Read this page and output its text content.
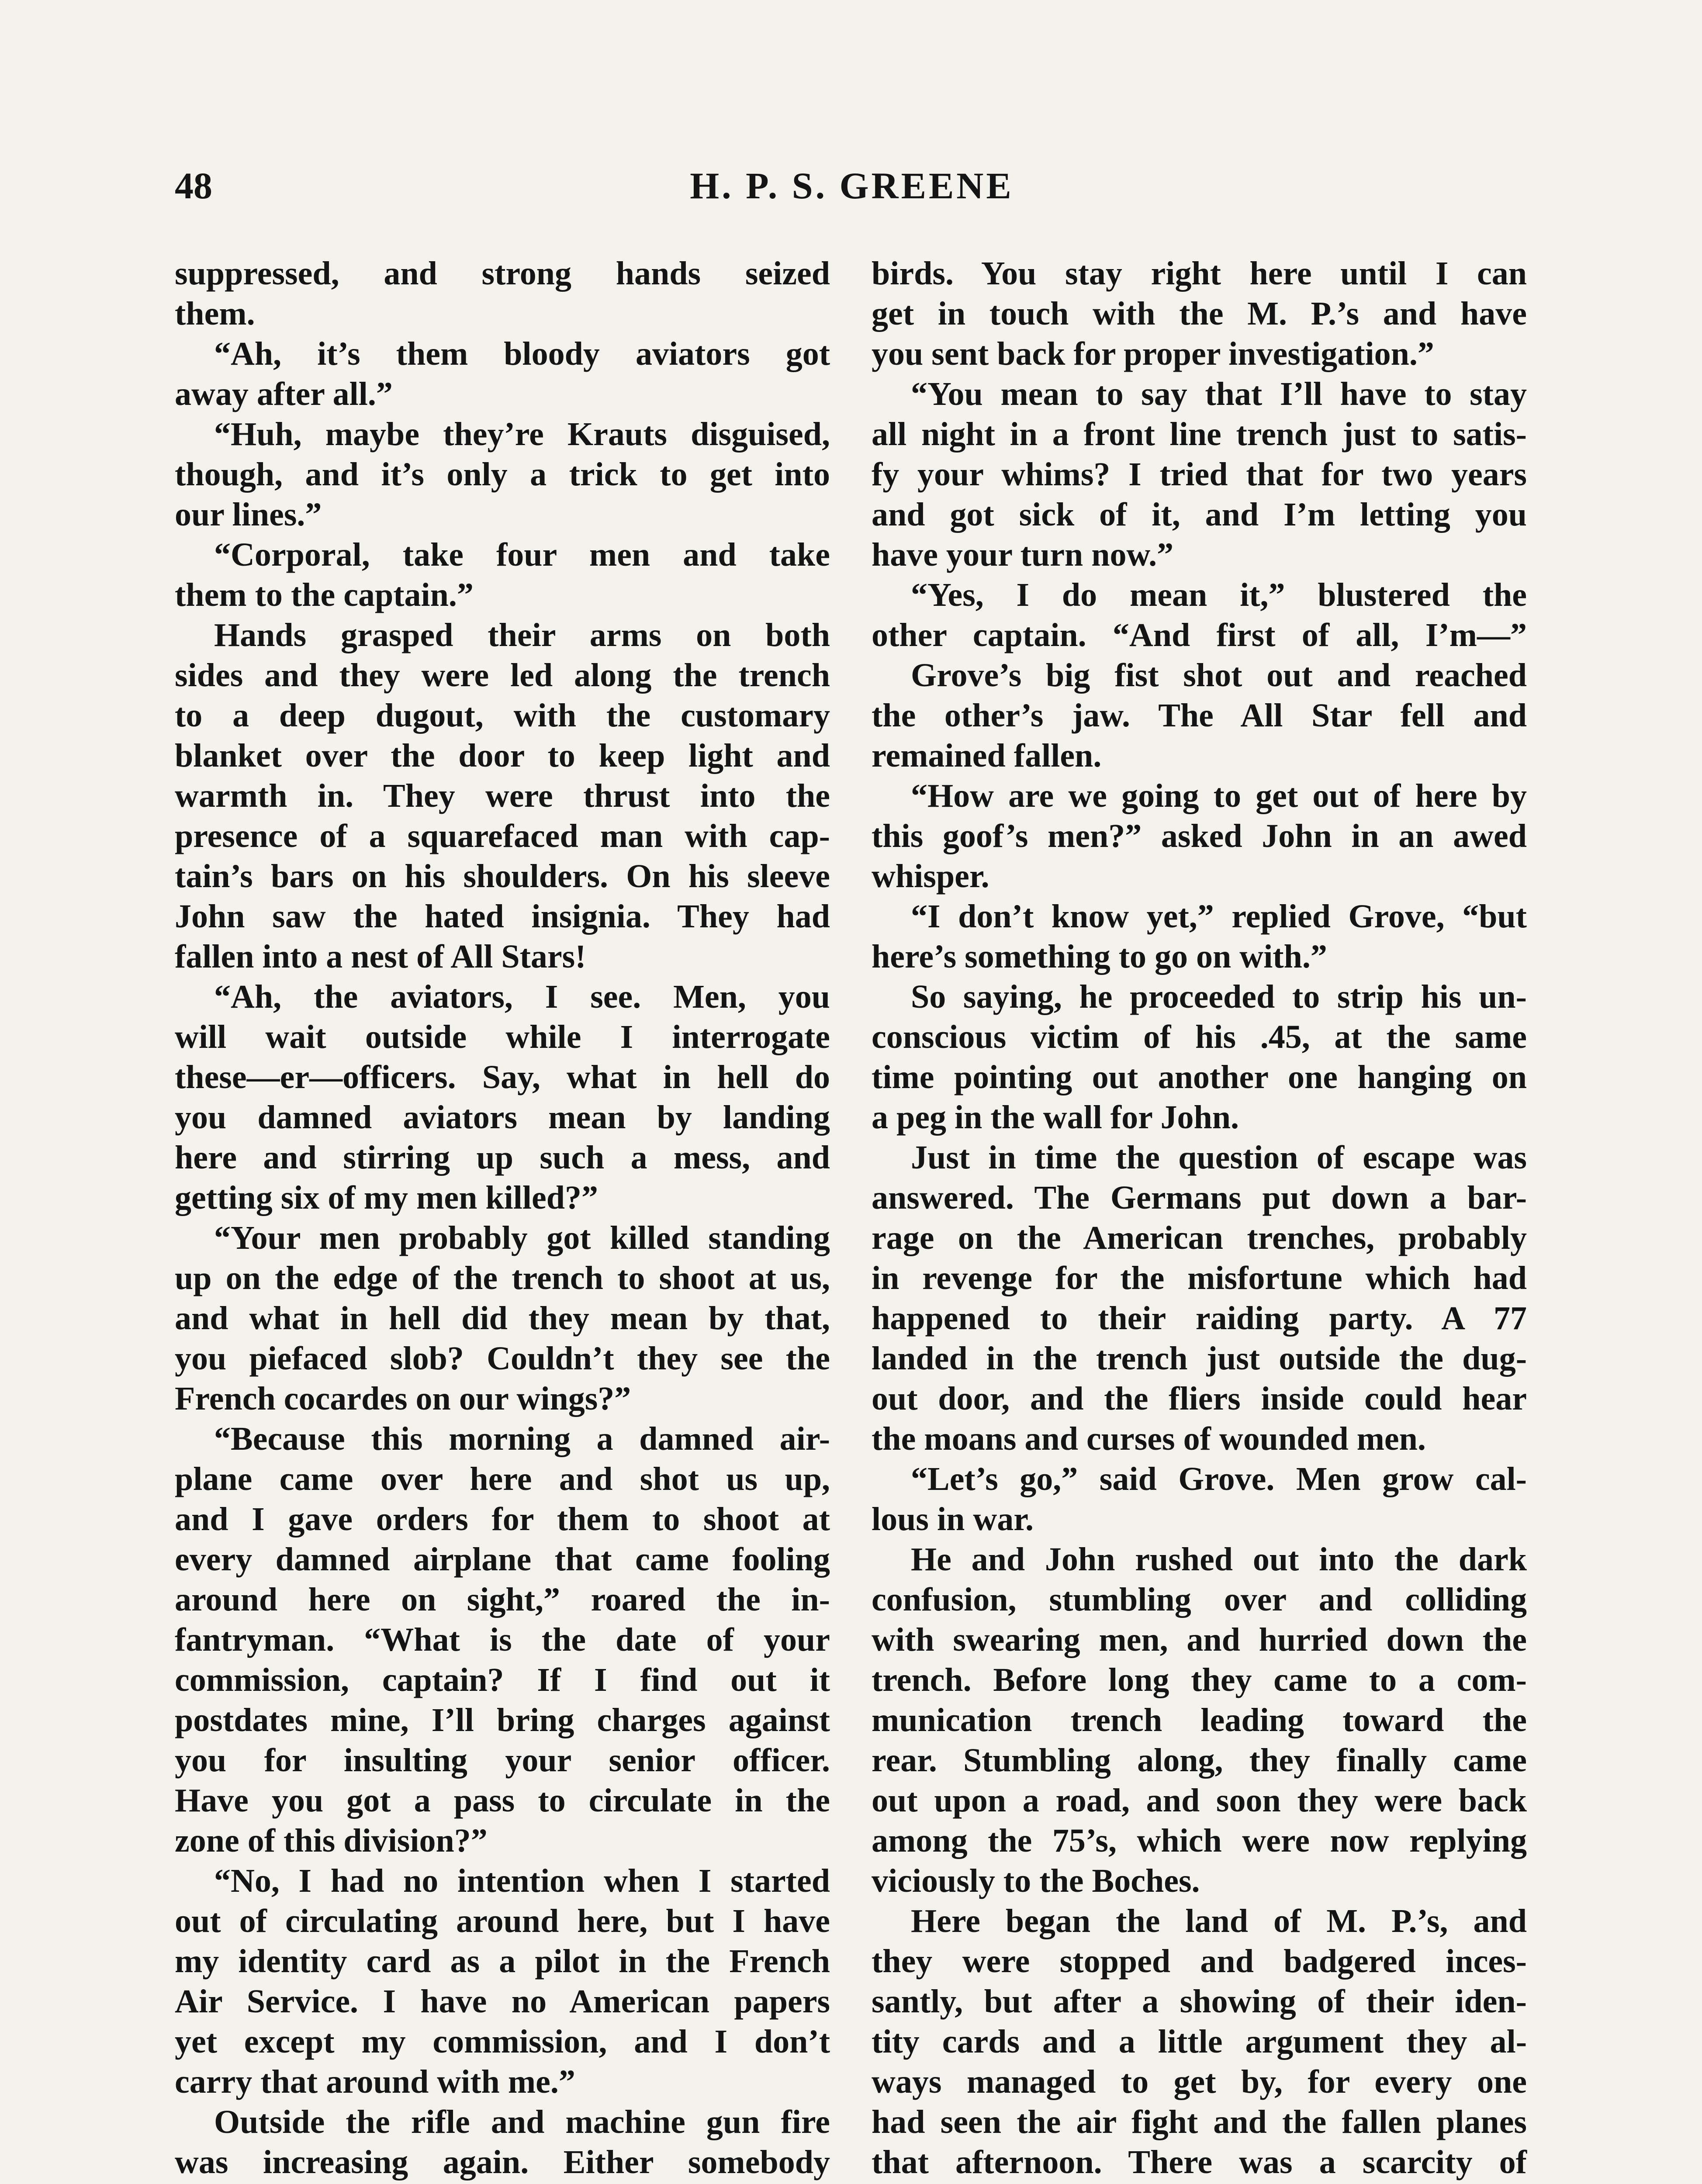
48	H. P. S. GREENE
suppressed, and strong hands seized
them.
“Ah, it’s them bloody aviators got
away after all.”
“Huh, maybe they’re Krauts disguised,
though, and it’s only a trick to get into
our lines.”
“Corporal, take four men and take
them to the captain.”
Hands grasped their arms on both
sides and they were led along the trench
to a deep dugout, with the customary
blanket over the door to keep light and
warmth in. They were thrust into the
presence of a squarefaced man with cap-
tain’s bars on his shoulders. On his sleeve
John saw the hated insignia. They had
fallen into a nest of All Stars!
“Ah, the aviators, I see. Men, you
will wait outside while I interrogate
these—er—officers. Say, what in hell do
you damned aviators mean by landing
here and stirring up such a mess, and
getting six of my men killed?”
“Your men probably got killed standing
up on the edge of the trench to shoot at us,
and what in hell did they mean by that,
you piefaced slob? Couldn’t they see the
French cocardes on our wings?”
“Because this morning a damned air-
plane came over here and shot us up,
and I gave orders for them to shoot at
every damned airplane that came fooling
around here on sight,” roared the in-
fantryman. “What is the date of your
commission, captain? If I find out it
postdates mine, I’ll bring charges against
you for insulting your senior officer.
Have you got a pass to circulate in the
zone of this division?”
“No, I had no intention when I started
out of circulating around here, but I have
my identity card as a pilot in the French
Air Service. I have no American papers
yet except my commission, and I don’t
carry that around with me.”
Outside the rifle and machine gun fire
was increasing again. Either somebody
birds. You stay right here until I can
get in touch with the M. P.’s and have
you sent back for proper investigation.”
“You mean to say that I’ll have to stay
all night in a front line trench just to satis-
fy your whims? I tried that for two years
and got sick of it, and I’m letting you
have your turn now.”
“Yes, I do mean it,” blustered the
other captain. “And first of all, I’m—”
Grove’s big fist shot out and reached
the other’s jaw. The All Star fell and
remained fallen.
“How are we going to get out of here by
this goof’s men?” asked John in an awed
whisper.
“I don’t know yet,” replied Grove, “but
here’s something to go on with.”
So saying, he proceeded to strip his un-
conscious victim of his .45, at the same
time pointing out another one hanging on
a peg in the wall for John.
Just in time the question of escape was
answered. The Germans put down a bar-
rage on the American trenches, probably
in revenge for the misfortune which had
happened to their raiding party. A 77
landed in the trench just outside the dug-
out door, and the fliers inside could hear
the moans and curses of wounded men.
“Let’s go,” said Grove. Men grow cal-
lous in war.
He and John rushed out into the dark
confusion, stumbling over and colliding
with swearing men, and hurried down the
trench. Before long they came to a com-
munication trench leading toward the
rear. Stumbling along, they finally came
out upon a road, and soon they were back
among the 75’s, which were now replying
viciously to the Boches.
Here began the land of M. P.’s, and
they were stopped and badgered inces-
santly, but after a showing of their iden-
tity cards and a little argument they al-
ways managed to get by, for every one
had seen the air fight and the fallen planes
that afternoon. There was a scarcity of
